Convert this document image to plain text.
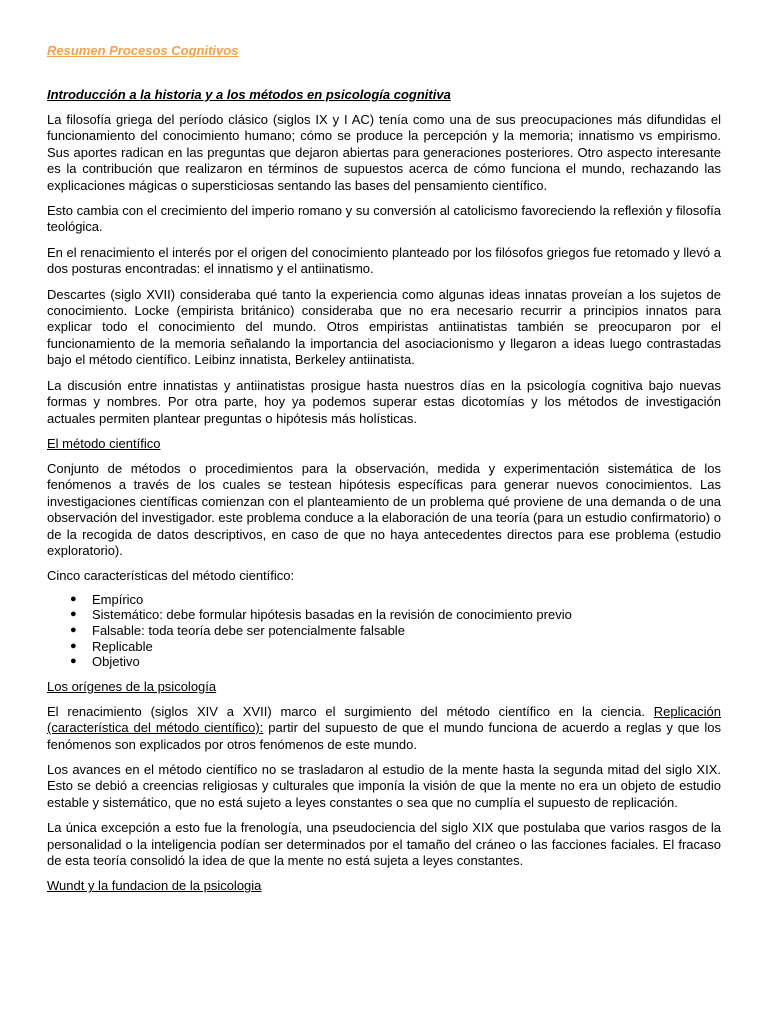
Resumen Procesos Cognitivos
Introducción a la historia y a los métodos en psicología cognitiva

La filosofía griega del período clásico (siglos IX y I AC) tenía como una de sus preocupaciones más difundidas el funcionamiento del conocimiento humano; cómo se produce la percepción y la memoria; innatismo vs empirismo. Sus aportes radican en las preguntas que dejaron abiertas para generaciones posteriores. Otro aspecto interesante es la contribución que realizaron en términos de supuestos acerca de cómo funciona el mundo, rechazando las explicaciones mágicas o supersticiosas sentando las bases del pensamiento científico.

Esto cambia con el crecimiento del imperio romano y su conversión al catolicismo favoreciendo la reflexión y filosofía teológica.

En el renacimiento el interés por el origen del conocimiento planteado por los filósofos griegos fue retomado y llevó a dos posturas encontradas: el innatismo y el antiinatismo.

Descartes (siglo XVII) consideraba qué tanto la experiencia como algunas ideas innatas proveían a los sujetos de conocimiento. Locke (empirista británico) consideraba que no era necesario recurrir a principios innatos para explicar todo el conocimiento del mundo. Otros empiristas antiinatistas también se preocuparon por el funcionamiento de la memoria señalando la importancia del asociacionismo y llegaron a ideas luego contrastadas bajo el método científico. Leibinz innatista, Berkeley antiinatista.

La discusión entre innatistas y antiinatistas prosigue hasta nuestros días en la psicología cognitiva bajo nuevas formas y nombres. Por otra parte, hoy ya podemos superar estas dicotomías y los métodos de investigación actuales permiten plantear preguntas o hipótesis más holísticas.

El método científico

Conjunto de métodos o procedimientos para la observación, medida y experimentación sistemática de los fenómenos a través de los cuales se testean hipótesis específicas para generar nuevos conocimientos. Las investigaciones científicas comienzan con el planteamiento de un problema qué proviene de una demanda o de una observación del investigador. este problema conduce a la elaboración de una teoría (para un estudio confirmatorio) o de la recogida de datos descriptivos, en caso de que no haya antecedentes directos para ese problema (estudio exploratorio).

Cinco características del método científico:

● Empírico
● Sistemático: debe formular hipótesis basadas en la revisión de conocimiento previo
● Falsable: toda teoría debe ser potencialmente falsable
● Replicable
● Objetivo
Los orígenes de la psicología

El renacimiento (siglos XIV a XVII) marco el surgimiento del método científico en la ciencia. Replicación (característica del método científico): partir del supuesto de que el mundo funciona de acuerdo a reglas y que los fenómenos son explicados por otros fenómenos de este mundo.

Los avances en el método científico no se trasladaron al estudio de la mente hasta la segunda mitad del siglo XIX. Esto se debió a creencias religiosas y culturales que imponía la visión de que la mente no era un objeto de estudio estable y sistemático, que no está sujeto a leyes constantes o sea que no cumplía el supuesto de replicación.

La única excepción a esto fue la frenología, una pseudociencia del siglo XIX que postulaba que varios rasgos de la personalidad o la inteligencia podían ser determinados por el tamaño del cráneo o las facciones faciales. El fracaso de esta teoría consolidó la idea de que la mente no está sujeta a leyes constantes.

Wundt y la fundacion de la psicologia
